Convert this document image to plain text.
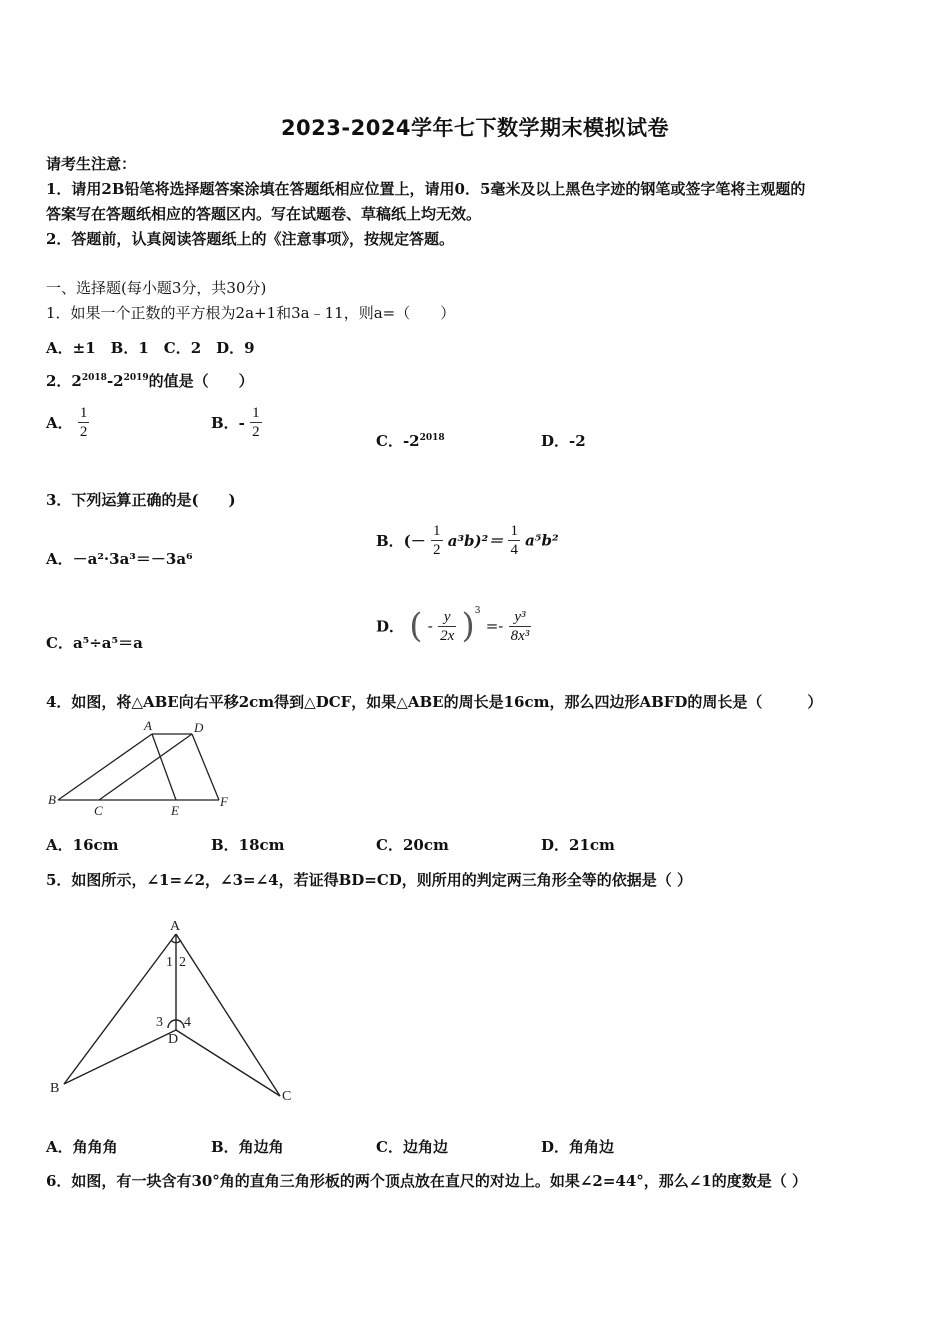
2023-2024学年七下数学期末模拟试卷
请考生注意：
1．请用2B铅笔将选择题答案涂填在答题纸相应位置上，请用0．5毫米及以上黑色字迹的钢笔或签字笔将主观题的
答案写在答题纸相应的答题区内。写在试题卷、草稿纸上均无效。
2．答题前，认真阅读答题纸上的《注意事项》，按规定答题。
一、选择题(每小题3分，共30分)
1．如果一个正数的平方根为2a+1和3a﹣11，则a=（　　）
A．±1　B．1　C．2　D．9
2．$2^{2018}-2^{2019}$的值是（　　）
A． $\frac{1}{2}$	B．- $\frac{1}{2}$	C．$-2^{2018}$	D．-2
3．下列运算正确的是(　　)
A．－a²·3a³＝－3a⁶
B．(－ $\frac{1}{2} a^3b)^2= \frac{1}{4} a^5b^2$
C．a⁵÷a⁵＝a
D． ( - $\frac{y}{2x} )^3 =- \frac{\text{y³}}{\text{8x³}}$
4．如图，将△ABE向右平移2cm得到△DCF，如果△ABE的周长是16cm，那么四边形ABFD的周长是（　　　）
A	D
B
C	E
F
A．16cm	B．18cm	C．20cm	D．21cm
5．如图所示，∠1=∠2，∠3=∠4，若证得BD=CD，则所用的判定两三角形全等的依据是（ ）
A
1 2
3 4
D
B
C
A．角角角	B．角边角	C．边角边	D．角角边
6．如图，有一块含有30°角的直角三角形板的两个顶点放在直尺的对边上。如果∠2=44°，那么∠1的度数是（ ）
